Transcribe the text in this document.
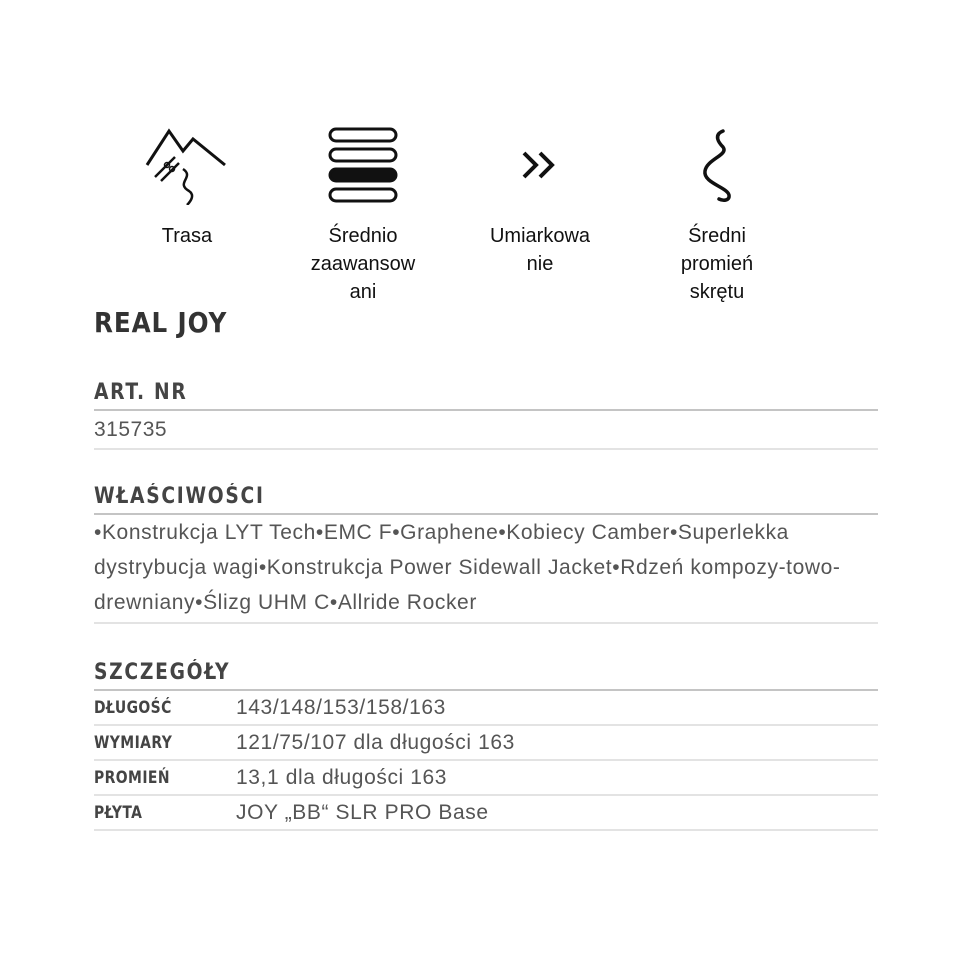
Trasa	Średnio
zaawansow
ani
Umiarkowa
nie
Średni
promień
skrętu
REAL JOY
ART. NR
315735
WŁAŚCIWOŚCI

•Konstrukcja LYT Tech•EMC F•Graphene•Kobiecy Camber•Superlekka dystrybucja wagi•Konstrukcja Power Sidewall Jacket•Rdzeń kompozy-towo-drewniany•Ślizg UHM C•Allride Rocker

SZCZEGÓŁY
DŁUGOŚĆ	143/148/153/158/163
WYMIARY	121/75/107 dla długości 163
PROMIEŃ	13,1 dla długości 163
PŁYTA	JOY „BB“ SLR PRO Base
